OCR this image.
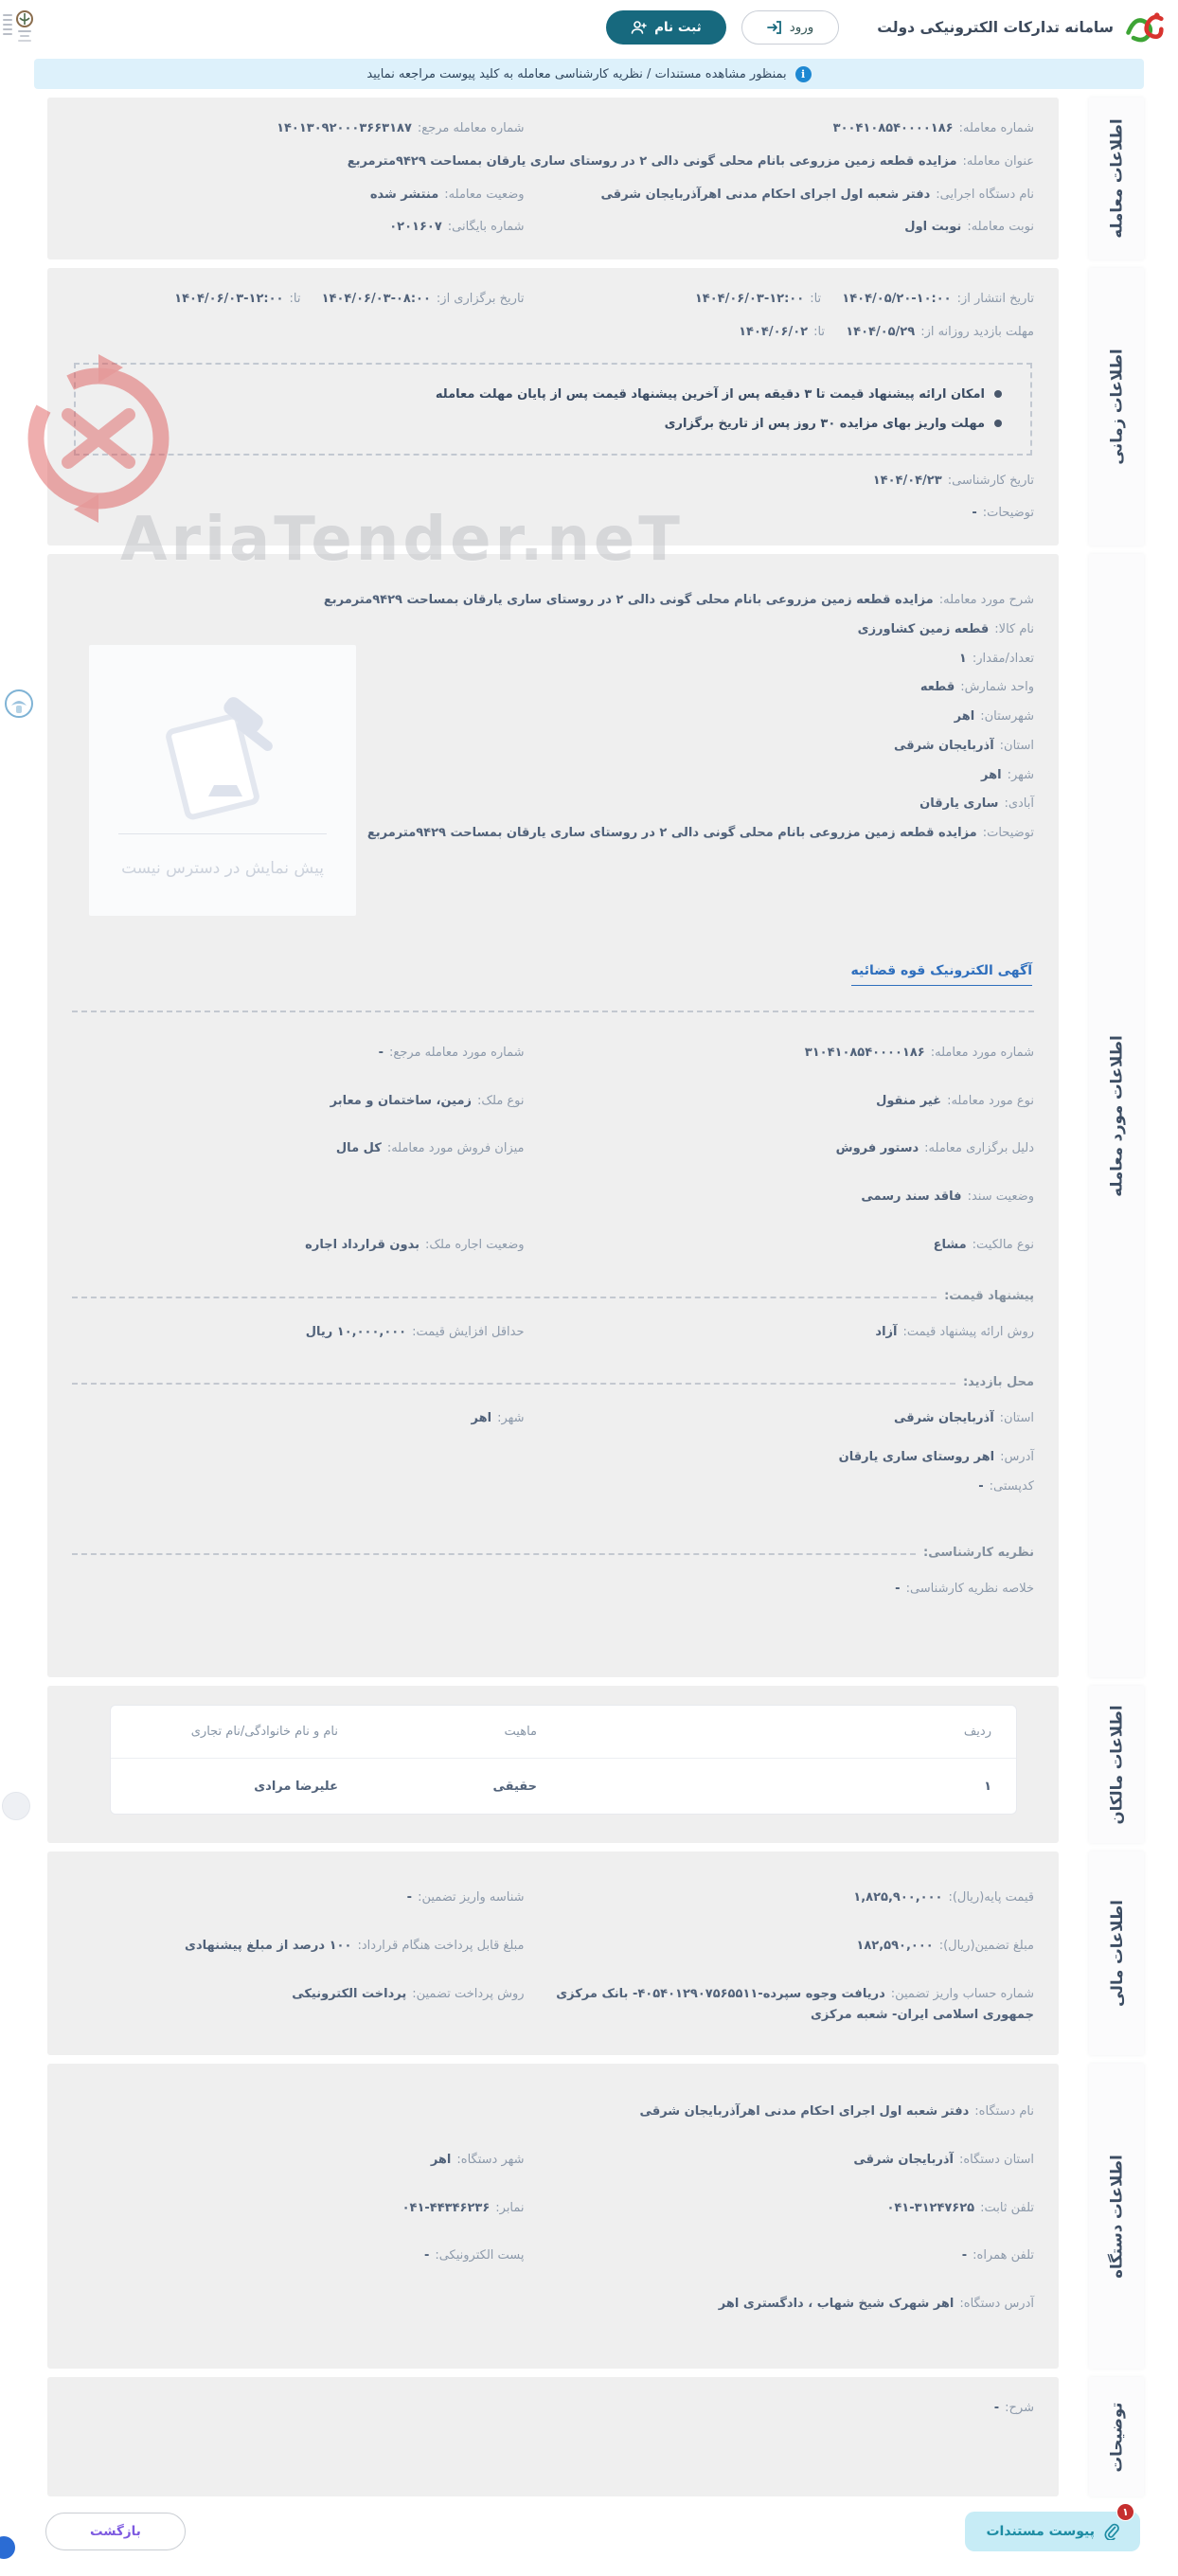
AriaTender.neT
سامانه تدارکات الکترونیکی دولت
ورود
ثبت نام
i
بمنظور مشاهده مستندات / نظریه کارشناسی معامله به کلید پیوست مراجعه نمایید
اطلاعات معامله
شماره معامله:۳۰۰۴۱۰۸۵۴۰۰۰۰۱۸۶
شماره معامله مرجع:۱۴۰۱۳۰۹۲۰۰۰۳۶۶۳۱۸۷
عنوان معامله:مزایده قطعه زمین مزروعی بانام محلی گونی دالی ۲ در روستای ساری یارقان بمساحت ۹۴۲۹مترمربع
نام دستگاه اجرایی:دفتر شعبه اول اجرای احکام مدنی اهرآذربایجان شرقی
وضعیت معامله:منتشر شده
نوبت معامله:نوبت اول
شماره بایگانی:۰۲۰۱۶۰۷
اطلاعات زمانی
تاریخ انتشار از:۱۴۰۴/۰۵/۲۰-۱۰:۰۰ تا:۱۴۰۴/۰۶/۰۳-۱۲:۰۰
تاریخ برگزاری از:۱۴۰۴/۰۶/۰۳-۰۸:۰۰ تا:۱۴۰۴/۰۶/۰۳-۱۲:۰۰
مهلت بازدید روزانه از:۱۴۰۴/۰۵/۲۹ تا:۱۴۰۴/۰۶/۰۲
امکان ارائه پیشنهاد قیمت تا ۳ دقیقه پس از آخرین پیشنهاد قیمت پس از پایان مهلت معامله
مهلت واریز بهای مزایده ۳۰ روز پس از تاریخ برگزاری
تاریخ کارشناسی:۱۴۰۴/۰۴/۲۳
توضیحات:-
اطلاعات مورد معامله
شرح مورد معامله:مزایده قطعه زمین مزروعی بانام محلی گونی دالی ۲ در روستای ساری یارقان بمساحت ۹۴۲۹مترمربع
نام کالا:قطعه زمین کشاورزی
تعداد/مقدار:۱
واحد شمارش:قطعه
شهرستان:اهر
استان:آذربایجان شرقی
شهر:اهر
آبادی:ساری یارقان
توضیحات:مزایده قطعه زمین مزروعی بانام محلی گونی دالی ۲ در روستای ساری یارقان بمساحت ۹۴۲۹مترمربع
پیش نمایش در دسترس نیست
آگهی الکترونیک قوه قضائیه
شماره مورد معامله:۳۱۰۴۱۰۸۵۴۰۰۰۰۱۸۶
شماره مورد معامله مرجع:-
نوع مورد معامله:غیر منقول
نوع ملک:زمین، ساختمان و معابر
دلیل برگزاری معامله:دستور فروش
میزان فروش مورد معامله:کل مال
وضعیت سند:فاقد سند رسمی
نوع مالکیت:مشاع
وضعیت اجاره ملک:بدون قرارداد اجاره
پیشنهاد قیمت:
روش ارائه پیشنهاد قیمت:آزاد
حداقل افزایش قیمت:۱۰,۰۰۰,۰۰۰ ریال
محل بازدید:
استان:آذربایجان شرقی
شهر:اهر
آدرس:اهر روستای ساری یارقان
کدپستی:-
نظریه کارشناسی:
خلاصه نظریه کارشناسی:-
اطلاعات مالکان
ردیف
ماهیت
نام و نام خانوادگی/نام تجاری
۱
حقیقی
علیرضا مرادی
اطلاعات مالی
قیمت پایه(ریال):۱,۸۲۵,۹۰۰,۰۰۰
شناسه واریز تضمین:-
مبلغ تضمین(ریال):۱۸۲,۵۹۰,۰۰۰
مبلغ قابل پرداخت هنگام قرارداد:۱۰۰ درصد از مبلغ پیشنهادی
شماره حساب واریز تضمین:دریافت وجوه سپرده-۴۰۵۴۰۱۲۹۰۷۵۶۵۵۱۱- بانک مرکزی جمهوری اسلامی ایران- شعبه مرکزی
روش پرداخت تضمین:پرداخت الکترونیکی
اطلاعات دستگاه
نام دستگاه:دفتر شعبه اول اجرای احکام مدنی اهرآذربایجان شرقی
استان دستگاه:آذربایجان شرقی
شهر دستگاه:اهر
تلفن ثابت:۰۴۱-۳۱۲۴۷۶۲۵
نمابر:۰۴۱-۴۴۳۴۶۲۳۶
تلفن همراه:-
پست الکترونیکی:-
آدرس دستگاه:اهر شهرک شیخ شهاب ، دادگستری اهر
توضیحات
شرح:-
پیوست مستندات
۱
بازگشت
